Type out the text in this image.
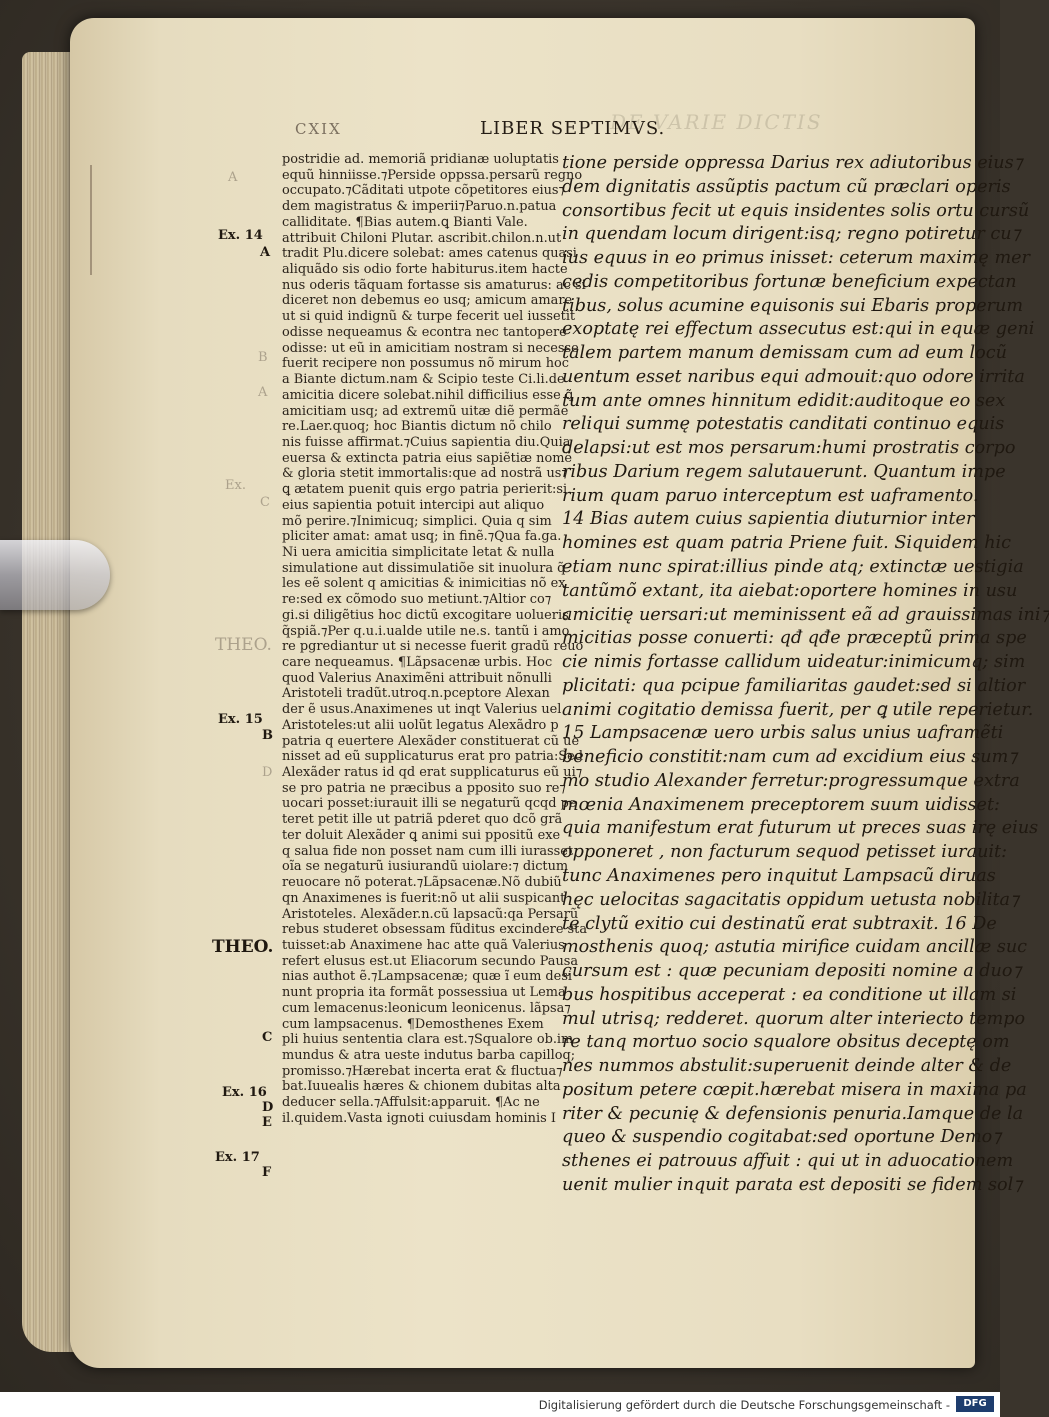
DE VARIE DICTIS
CXIX	LIBER SEPTIMVS.
postridie ad. memoriã pridianæ uoluptatis
equũ hinniisse.⁊Perside oppssa.persarũ regno
occupato.⁊Cãditati utpote cõpetitores eius⁊
dem magistratus & imperii⁊Paruo.n.patua
calliditate. ¶Bias autem.ꝗ Bianti Vale.
attribuit Chiloni Plutar. ascribit.chilon.n.ut
tradit Plu.dicere solebat: ames catenus quasi
aliquãdo sis odio forte habiturus.item hacte
nus oderis tãquam fortasse sis amaturus: ac si
diceret non debemus eo usq; amicum amare
ut si quid indignũ & turpe fecerit uel iussetit
odisse nequeamus & econtra nec tantopere
odisse: ut eũ in amicitiam nostram si necesse
fuerit recipere non possumus nõ mirum hoc
a Biante dictum.nam & Scipio teste Ci.li.de
amicitia dicere solebat.nihil difficilius esse ꝗ̃
amicitiam usq; ad extremũ uitæ diẽ permãe
re.Laer.quoq; hoc Biantis dictum nõ chilo
nis fuisse affirmat.⁊Cuius sapientia diu.Quia
euersa & extincta patria eius sapiẽtiæ nomẽ
& gloria stetit immortalis:que ad nostrã us⁊
ꝗ ætatem puenit quis ergo patria perierit:si
eius sapientia potuit intercipi aut aliquo
mõ perire.⁊Inimicuq; simplici. Quia q sim
pliciter amat: amat usq; in finẽ.⁊Qua fa.ga.
Ni uera amicitia simplicitate letat & nulla
simulatione aut dissimulatiõe sit inuolura q̃
les eẽ solent q amicitias & inimicitias nõ ex
re:sed ex cõmodo suo metiunt.⁊Altior co⁊
gi.si diligẽtius hoc dictũ excogitare uolueris
q̃spiã.⁊Per q.u.i.ualde utile ne.s. tantũ i amo
re pgrediantur ut si necesse fuerit gradũ reuo
care nequeamus. ¶Lãpsacenæ urbis. Hoc
quod Valerius Anaximẽni attribuit nõnulli
Aristoteli tradũt.utroq.n.pceptore Alexan
der ẽ usus.Anaximenes ut inqt Valerius uel
Aristoteles:ut alii uolũt legatus Alexãdro p
patria q euertere Alexãder constituerat cũ ue
nisset ad eũ supplicaturus erat pro patria:Sed
Alexãder ratus id qd erat supplicaturus eũ ui⁊
se pro patria ne præcibus a pposito suo re⁊
uocari posset:iurauit illi se negaturũ qcqd pe
teret petit ille ut patriã pderet quo dcõ grã
ter doluit Alexãder ꝗ animi sui ppositũ exe
q salua fide non posset nam cum illi iurasset
oĩa se negaturũ iusiurandũ uiolare:⁊ dictum
reuocare nõ poterat.⁊Lãpsacenæ.Nõ dubiũ
qn Anaximenes is fuerit:nõ ut alii suspicant
Aristoteles. Alexãder.n.cũ lapsacũ:qa Persarũ
rebus studeret obsessam fũditus excindere sta
tuisset:ab Anaximene hac atte quã Valerius
refert elusus est.ut Eliacorum secundo Pausa
nias authot ẽ.⁊Lampsacenæ; quæ ĩ eum desi
nunt propria ita formãt possessiua ut Lema
cum lemacenus:leonicum leonicenus. lãpsa⁊
cum lampsacenus. ¶Demosthenes Exem
pli huius sententia clara est.⁊Squalore ob.im
mundus & atra ueste indutus barba capilloq;
promisso.⁊Hærebat incerta erat & fluctua⁊
bat.Iuuealis hæres & chionem dubitas alta
deducer sella.⁊Affulsit:apparuit. ¶Ac ne
il.quidem.Vasta ignoti cuiusdam hominis I
tione perside oppressa Darius rex adiutoribus eius⁊
dem dignitatis assũptis pactum cũ præclari operis
consortibus fecit ut equis insidentes solis ortu cursũ
in quendam locum dirigent:isq; regno potiretur cu⁊
ius equus in eo primus inisset: ceterum maximę mer
cedis competitoribus fortunæ beneficium expectan
tibus, solus acumine equisonis sui Ebaris properum
exoptatę rei effectum assecutus est:qui in equæ geni
talem partem manum demissam cum ad eum locũ
uentum esset naribus equi admouit:quo odore irrita
tum ante omnes hinnitum edidit:auditoque eo sex
reliqui summę potestatis canditati continuo equis
delapsi:ut est mos persarum:humi prostratis corpo
ribus Darium regem salutauerunt. Quantum impe
rium quam paruo interceptum est uaframento.
14 Bias autem cuius sapientia diuturnior inter
homines est quam patria Priene fuit. Siquidem hic
etiam nunc spirat:illius pinde atq; extinctæ uestigia
tantũmõ extant, ita aiebat:oportere homines in usu
amicitię uersari:ut meminissent eã ad grauissimas ini⁊
micitias posse conuerti: qđ qđe præceptũ prima spe
cie nimis fortasse callidum uideatur:inimicumq; sim
plicitati: qua pcipue familiaritas gaudet:sed si altior
animi cogitatio demissa fuerit, per ꝗ utile reperietur.
15 Lampsacenæ uero urbis salus unius uaframẽti
beneficio constitit:nam cum ad excidium eius sum⁊
mo studio Alexander ferretur:progressumque extra
mœnia Anaximenem preceptorem suum uidisset:
quia manifestum erat futurum ut preces suas irę eius
opponeret , non facturum sequod petisset iurauit:
tunc Anaximenes pero inquitut Lampsacũ diruas
hęc uelocitas sagacitatis oppidum uetusta nobilita⁊
te clytũ exitio cui destinatũ erat subtraxit. 16 De
mosthenis quoq; astutia mirifice cuidam ancillæ suc
cursum est : quæ pecuniam depositi nomine a duo⁊
bus hospitibus acceperat : ea conditione ut illam si
mul utrisq; redderet. quorum alter interiecto tempo
re tanq mortuo socio squalore obsitus deceptę om
nes nummos abstulit:superuenit deinde alter & de
positum petere cœpit.hærebat misera in maxima pa
riter & pecunię & defensionis penuria.Iamque de la
queo & suspendio cogitabat:sed oportune Demo⁊
sthenes ei patrouus affuit : qui ut in aduocationem
uenit mulier inquit parata est depositi se fidem sol⁊
A
Ex. 14
A
B
A
Ex.
C
THEO.
Ex. 15
B
D
THEO.
C
Ex. 16
D
E
Ex. 17
F
Digitalisierung gefördert durch die Deutsche Forschungsgemeinschaft -	DFG
